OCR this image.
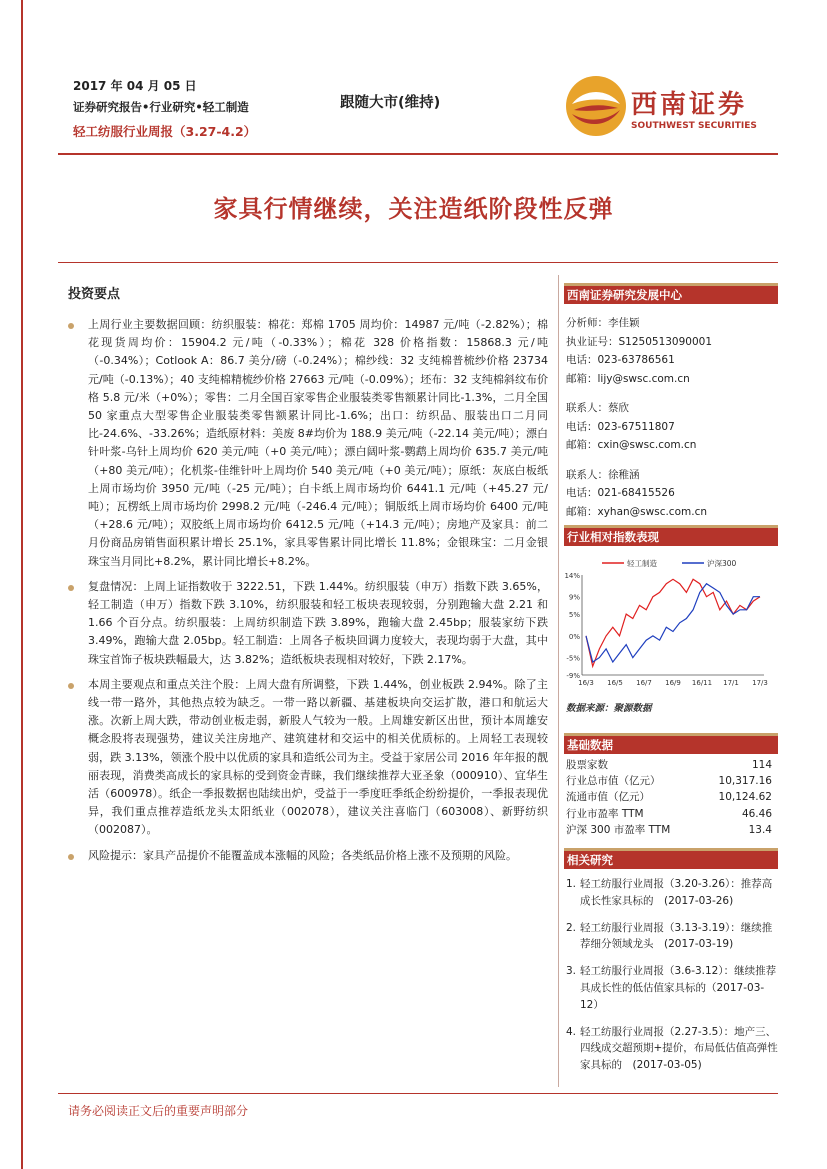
2017 年 04 月 05 日
证券研究报告•行业研究•轻工制造
轻工纺服行业周报（3.27-4.2）
跟随大市(维持)	西南证券
SOUTHWEST SECURITIES
家具行情继续，关注造纸阶段性反弹
投资要点
上周行业主要数据回顾：纺织服装：棉花：郑棉 1705 周均价：14987 元/吨（-2.82%）；棉花现货周均价：15904.2 元/吨（-0.33%）；棉花 328 价格指数：15868.3 元/吨（-0.34%）；Cotlook A：86.7 美分/磅（-0.24%）；棉纱线：32 支纯棉普梳纱价格 23734 元/吨（-0.13%）；40 支纯棉精梳纱价格 27663 元/吨（-0.09%）；坯布：32 支纯棉斜纹布价格 5.8 元/米（+0%）；零售：二月全国百家零售企业服装类零售额累计同比-1.3%，二月全国 50 家重点大型零售企业服装类零售额累计同比-1.6%；出口：纺织品、服装出口二月同比-24.6%、-33.26%；造纸原材料：美废 8#均价为 188.9 美元/吨（-22.14 美元/吨）；漂白针叶浆-乌针上周均价 620 美元/吨（+0 美元/吨）；漂白阔叶浆-鹦鹉上周均价 635.7 美元/吨（+80 美元/吨）；化机浆-佳维针叶上周均价 540 美元/吨（+0 美元/吨）；原纸：灰底白板纸上周市场均价 3950 元/吨（-25 元/吨）；白卡纸上周市场均价 6441.1 元/吨（+45.27 元/吨）；瓦楞纸上周市场均价 2998.2 元/吨（-246.4 元/吨）；铜版纸上周市场均价 6400 元/吨（+28.6 元/吨）；双胶纸上周市场均价 6412.5 元/吨（+14.3 元/吨）；房地产及家具：前二月份商品房销售面积累计增长 25.1%，家具零售累计同比增长 11.8%；金银珠宝：二月金银珠宝当月同比+8.2%，累计同比增长+8.2%。
复盘情况：上周上证指数收于 3222.51，下跌 1.44%。纺织服装（申万）指数下跌 3.65%，轻工制造（申万）指数下跌 3.10%，纺织服装和轻工板块表现较弱，分别跑输大盘 2.21 和 1.66 个百分点。纺织服装：上周纺织制造下跌 3.89%，跑输大盘 2.45bp；服装家纺下跌 3.49%，跑输大盘 2.05bp。轻工制造：上周各子板块回调力度较大，表现均弱于大盘，其中珠宝首饰子板块跌幅最大，达 3.82%；造纸板块表现相对较好，下跌 2.17%。
本周主要观点和重点关注个股：上周大盘有所调整，下跌 1.44%，创业板跌 2.94%。除了主线一带一路外，其他热点较为缺乏。一带一路以新疆、基建板块向交运扩散，港口和航运大涨。次新上周大跌，带动创业板走弱，新股人气较为一般。上周雄安新区出世，预计本周雄安概念股将表现强势，建议关注房地产、建筑建材和交运中的相关优质标的。上周轻工表现较弱，跌 3.13%，领涨个股中以优质的家具和造纸公司为主。受益于家居公司 2016 年年报的靓丽表现，消费类高成长的家具标的受到资金青睐，我们继续推荐大亚圣象（000910）、宜华生活（600978）。纸企一季报数据也陆续出炉，受益于一季度旺季纸企纷纷提价，一季报表现优异，我们重点推荐造纸龙头太阳纸业（002078），建议关注喜临门（603008）、新野纺织（002087）。
风险提示：家具产品提价不能覆盖成本涨幅的风险；各类纸品价格上涨不及预期的风险。
西南证券研究发展中心
分析师：李佳颖
执业证号：S1250513090001
电话：023-63786561
邮箱：lijy@swsc.com.cn
联系人：蔡欣
电话：023-67511807
邮箱：cxin@swsc.com.cn
联系人：徐稚涵
电话：021-68415526
邮箱：xyhan@swsc.com.cn
行业相对指数表现
14%
9%
5%
0%
-5%
-9%
16/3 16/5 16/7 16/9 16/11 17/1 17/3
轻工制造	沪深300
数据来源：聚源数据
基础数据
股票家数	114
行业总市值（亿元）	10,317.16
流通市值（亿元）	10,124.62
行业市盈率 TTM	46.46
沪深 300 市盈率 TTM	13.4
相关研究
1. 轻工纺服行业周报（3.20-3.26）：推荐高成长性家具标的　(2017-03-26)
2. 轻工纺服行业周报（3.13-3.19）：继续推荐细分领域龙头　(2017-03-19)
3. 轻工纺服行业周报（3.6-3.12）：继续推荐具成长性的低估值家具标的（2017-03-12）
4. 轻工纺服行业周报（2.27-3.5）：地产三、四线成交超预期+提价，布局低估值高弹性家具标的　(2017-03-05)
请务必阅读正文后的重要声明部分
